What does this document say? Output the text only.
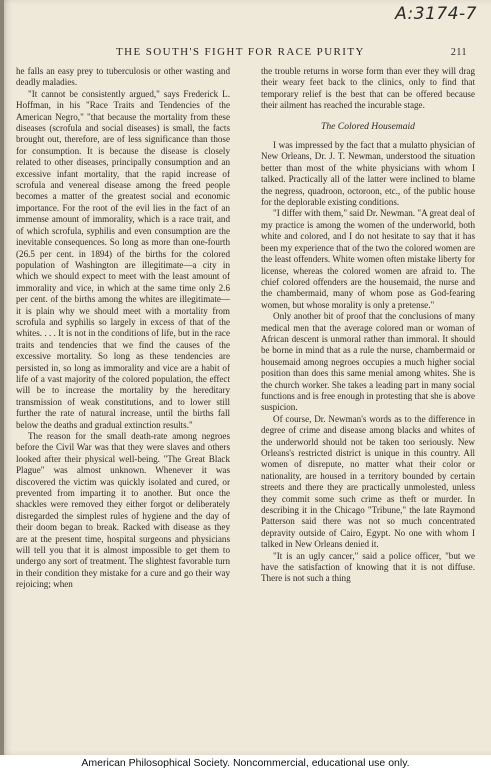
A:3174-7
THE SOUTH'S FIGHT FOR RACE PURITY	211

he falls an easy prey to tuberculosis or other wasting and deadly maladies.

"It cannot be consistently argued," says Frederick L. Hoffman, in his "Race Traits and Tendencies of the American Negro," "that because the mortality from these diseases (scrofula and social diseases) is small, the facts brought out, therefore, are of less significance than those for consumption. It is because the disease is closely related to other diseases, principally consumption and an excessive infant mortality, that the rapid increase of scrofula and venereal disease among the freed people becomes a matter of the greatest social and economic importance. For the root of the evil lies in the fact of an immense amount of immorality, which is a race trait, and of which scrofula, syphilis and even consumption are the inevitable consequences. So long as more than one-fourth (26.5 per cent. in 1894) of the births for the colored population of Washington are illegitimate—a city in which we should expect to meet with the least amount of immorality and vice, in which at the same time only 2.6 per cent. of the births among the whites are illegitimate—it is plain why we should meet with a mortality from scrofula and syphilis so largely in excess of that of the whites. . . . It is not in the conditions of life, but in the race traits and tendencies that we find the causes of the excessive mortality. So long as these tendencies are persisted in, so long as immorality and vice are a habit of life of a vast majority of the colored population, the effect will be to increase the mortality by the hereditary transmission of weak constitutions, and to lower still further the rate of natural increase, until the births fall below the deaths and gradual extinction results."

The reason for the small death-rate among negroes before the Civil War was that they were slaves and others looked after their physical well-being. "The Great Black Plague" was almost unknown. Whenever it was discovered the victim was quickly isolated and cured, or prevented from imparting it to another. But once the shackles were removed they either forgot or deliberately disregarded the simplest rules of hygiene and the day of their doom began to break. Racked with disease as they are at the present time, hospital surgeons and physicians will tell you that it is almost impossible to get them to undergo any sort of treatment. The slightest favorable turn in their condition they mistake for a cure and go their way rejoicing; when

the trouble returns in worse form than ever they will drag their weary feet back to the clinics, only to find that temporary relief is the best that can be offered because their ailment has reached the incurable stage.

The Colored Housemaid

I was impressed by the fact that a mulatto physician of New Orleans, Dr. J. T. Newman, understood the situation better than most of the white physicians with whom I talked. Practically all of the latter were inclined to blame the negress, quadroon, octoroon, etc., of the public house for the deplorable existing conditions.

"I differ with them," said Dr. Newman. "A great deal of my practice is among the women of the underworld, both white and colored, and I do not hesitate to say that it has been my experience that of the two the colored women are the least offenders. White women often mistake liberty for license, whereas the colored women are afraid to. The chief colored offenders are the housemaid, the nurse and the chambermaid, many of whom pose as God-fearing women, but whose morality is only a pretense."

Only another bit of proof that the conclusions of many medical men that the average colored man or woman of African descent is unmoral rather than immoral. It should be borne in mind that as a rule the nurse, chambermaid or housemaid among negroes occupies a much higher social position than does this same menial among whites. She is the church worker. She takes a leading part in many social functions and is free enough in protesting that she is above suspicion.

Of course, Dr. Newman's words as to the difference in degree of crime and disease among blacks and whites of the underworld should not be taken too seriously. New Orleans's restricted district is unique in this country. All women of disrepute, no matter what their color or nationality, are housed in a territory bounded by certain streets and there they are practically unmolested, unless they commit some such crime as theft or murder. In describing it in the Chicago "Tribune," the late Raymond Patterson said there was not so much concentrated depravity outside of Cairo, Egypt. No one with whom I talked in New Orleans denied it.

"It is an ugly cancer," said a police officer, "but we have the satisfaction of knowing that it is not diffuse. There is not such a thing

American Philosophical Society. Noncommercial, educational use only.
